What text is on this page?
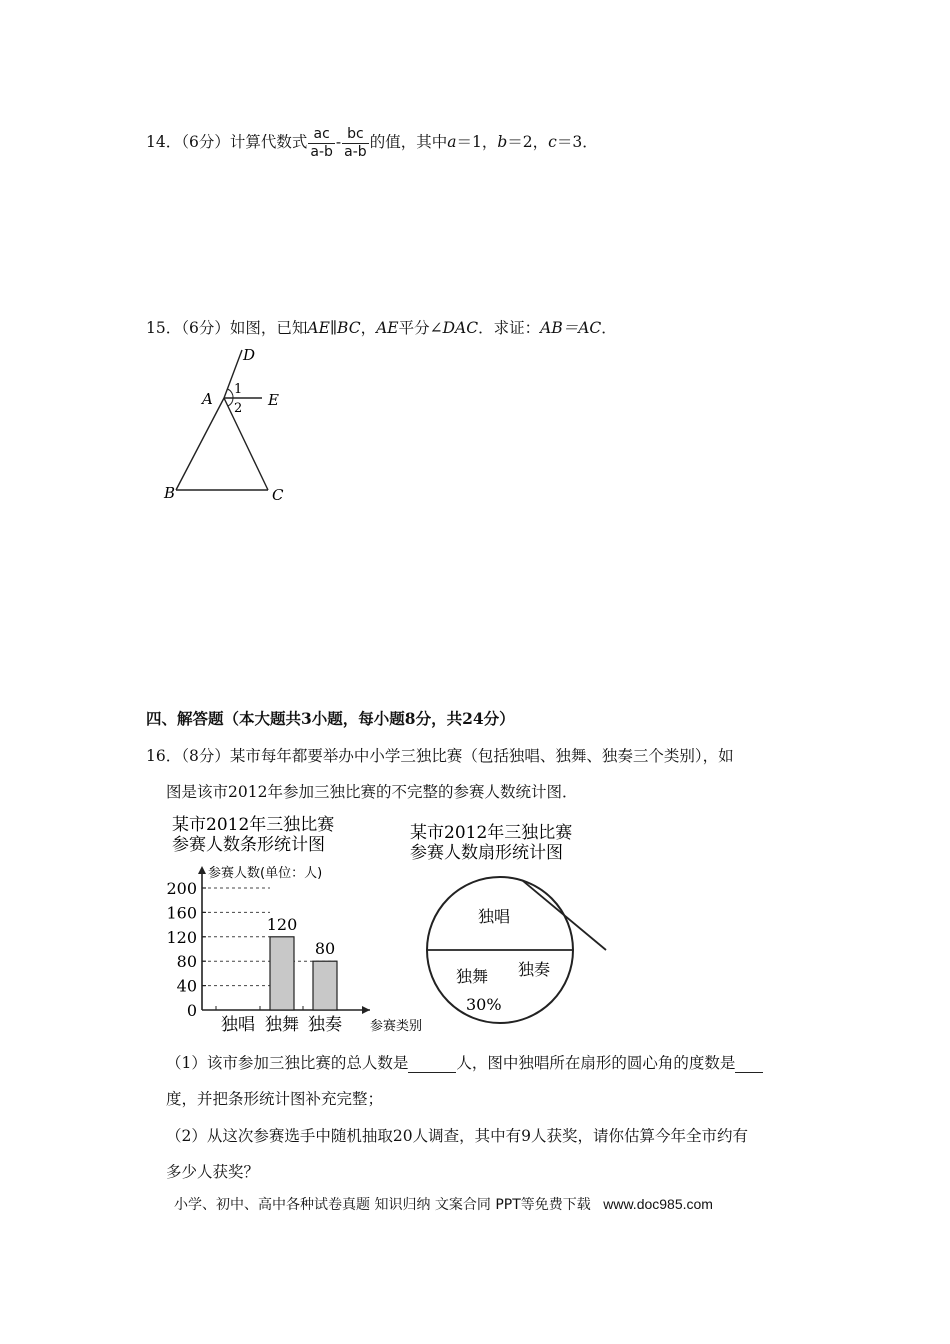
14．（6分）计算代数式 $\frac{ac}{a-b} - \frac{bc}{a-b}$ 的值，其中a＝1，b＝2，c＝3．
15．（6分）如图，已知AE∥BC，AE平分∠DAC．求证：AB＝AC．
D
A	E
B	C
1
2
四、解答题（本大题共3小题，每小题8分，共24分）
16．（8分）某市每年都要举办中小学三独比赛（包括独唱、独舞、独奏三个类别），如
图是该市2012年参加三独比赛的不完整的参赛人数统计图．
某市2012年三独比赛
参赛人数条形统计图
0
40
80
120
160
200
120
80
独唱 独舞 独奏
参赛人数(单位：人)
参赛类别
某市2012年三独比赛
参赛人数扇形统计图
独唱
独舞
30%
独奏
（1）该市参加三独比赛的总人数是	人，图中独唱所在扇形的圆心角的度数是
度，并把条形统计图补充完整；
（2）从这次参赛选手中随机抽取20人调查，其中有9人获奖，请你估算今年全市约有
多少人获奖？
小学、初中、高中各种试卷真题 知识归纳 文案合同 PPT等免费下载 www.doc985.com
